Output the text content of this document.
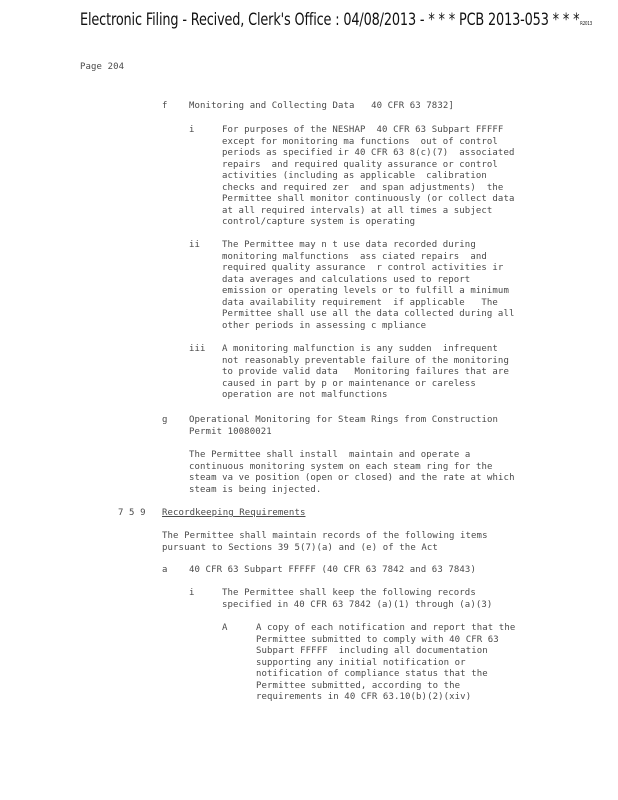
Electronic Filing - Recived, Clerk's Office : 04/08/2013 - * * * PCB 2013-053 * * *R2013
Page 204
f Monitoring and Collecting Data   40 CFR 63 7832]
i	For purposes of the NESHAP  40 CFR 63 Subpart FFFFF
except for monitoring ma functions  out of control
periods as specified ir 40 CFR 63 8(c)(7)  associated
repairs  and required quality assurance or control
activities (including as applicable  calibration
checks and required zer  and span adjustments)  the
Permittee shall monitor continuously (or collect data
at all required intervals) at all times a subject
control/capture system is operating
ii The Permittee may n t use data recorded during
monitoring malfunctions  ass ciated repairs  and
required quality assurance  r control activities ir
data averages and calculations used to report
emission or operating levels or to fulfill a minimum
data availability requirement  if applicable   The
Permittee shall use all the data collected during all
other periods in assessing c mpliance
iii A monitoring malfunction is any sudden  infrequent
not reasonably preventable failure of the monitoring
to provide valid data   Monitoring failures that are
caused in part by p or maintenance or careless
operation are not malfunctions
g Operational Monitoring for Steam Rings from Construction
Permit 10080021
The Permittee shall install  maintain and operate a
continuous monitoring system on each steam ring for the
steam va ve position (open or closed) and the rate at which
steam is being injected.
7 5 9 Recordkeeping Requirements
The Permittee shall maintain records of the following items
pursuant to Sections 39 5(7)(a) and (e) of the Act
a 40 CFR 63 Subpart FFFFF (40 CFR 63 7842 and 63 7843)
i	The Permittee shall keep the following records
specified in 40 CFR 63 7842 (a)(1) through (a)(3)
A	A copy of each notification and report that the
Permittee submitted to comply with 40 CFR 63
Subpart FFFFF  including all documentation
supporting any initial notification or
notification of compliance status that the
Permittee submitted, according to the
requirements in 40 CFR 63.10(b)(2)(xiv)
